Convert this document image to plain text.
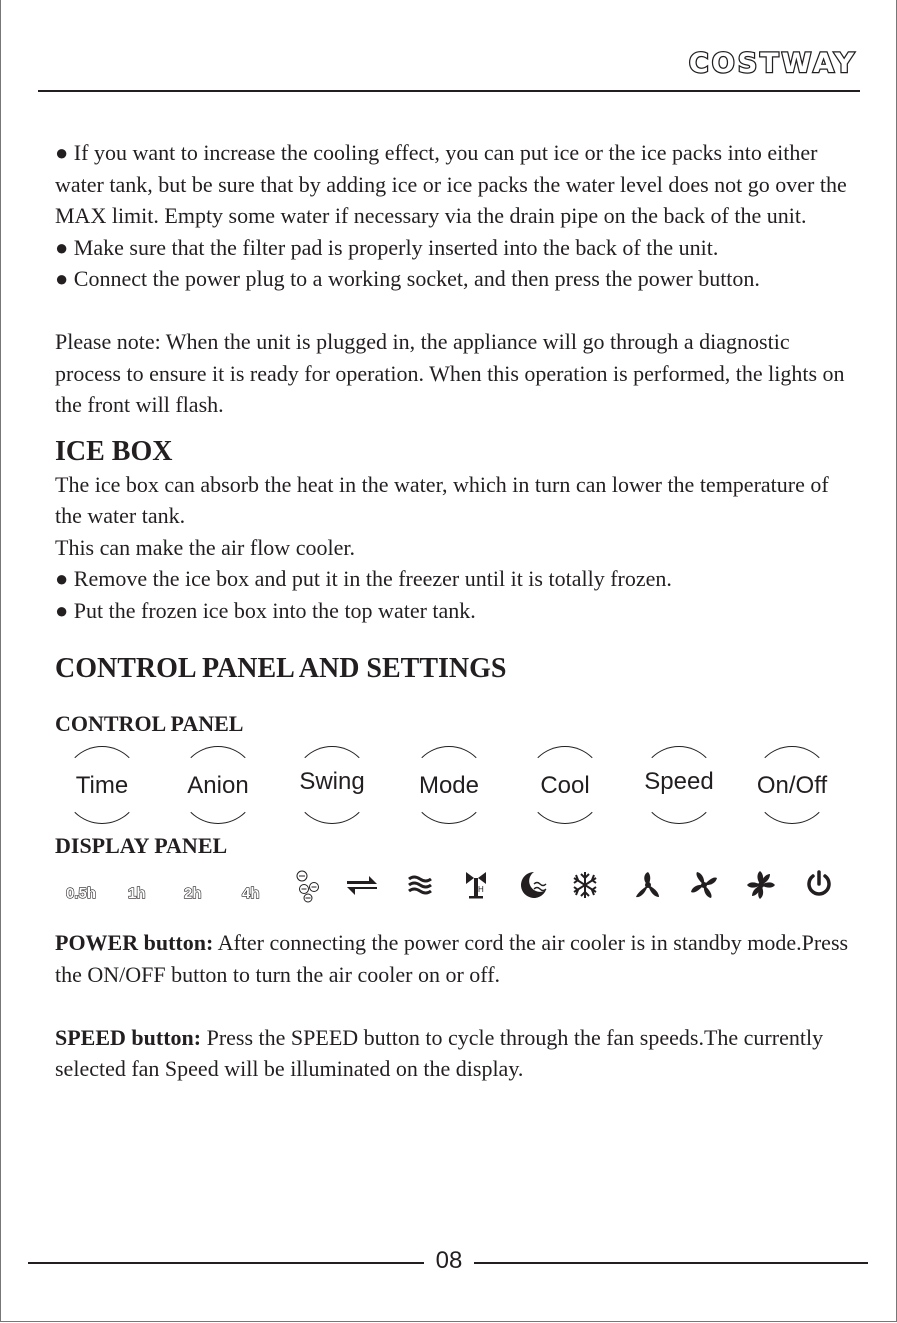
COSTWAY

● If you want to increase the cooling effect, you can put ice or the ice packs into either water tank, but be sure that by adding ice or ice packs the water level does not go over the MAX limit. Empty some water if necessary via the drain pipe on the back of the unit.

● Make sure that the filter pad is properly inserted into the back of the unit.

● Connect the power plug to a working socket, and then press the power button.

Please note: When the unit is plugged in, the appliance will go through a diagnostic process to ensure it is ready for operation. When this operation is performed, the lights on the front will flash.

ICE BOX

The ice box can absorb the heat in the water, which in turn can lower the temperature of the water tank.

This can make the air flow cooler.

● Remove the ice box and put it in the freezer until it is totally frozen.

● Put the frozen ice box into the top water tank.

CONTROL PANEL AND SETTINGS

CONTROL PANEL

Time	Anion	Swing	Mode	Cool	Speed	On/Off

DISPLAY PANEL

0.5h 1h	2h	4h	H

POWER button: After connecting the power cord the air cooler is in standby mode.Press the ON/OFF button to turn the air cooler on or off.

SPEED button: Press the SPEED button to cycle through the fan speeds.The currently selected fan Speed will be illuminated on the display.

08
